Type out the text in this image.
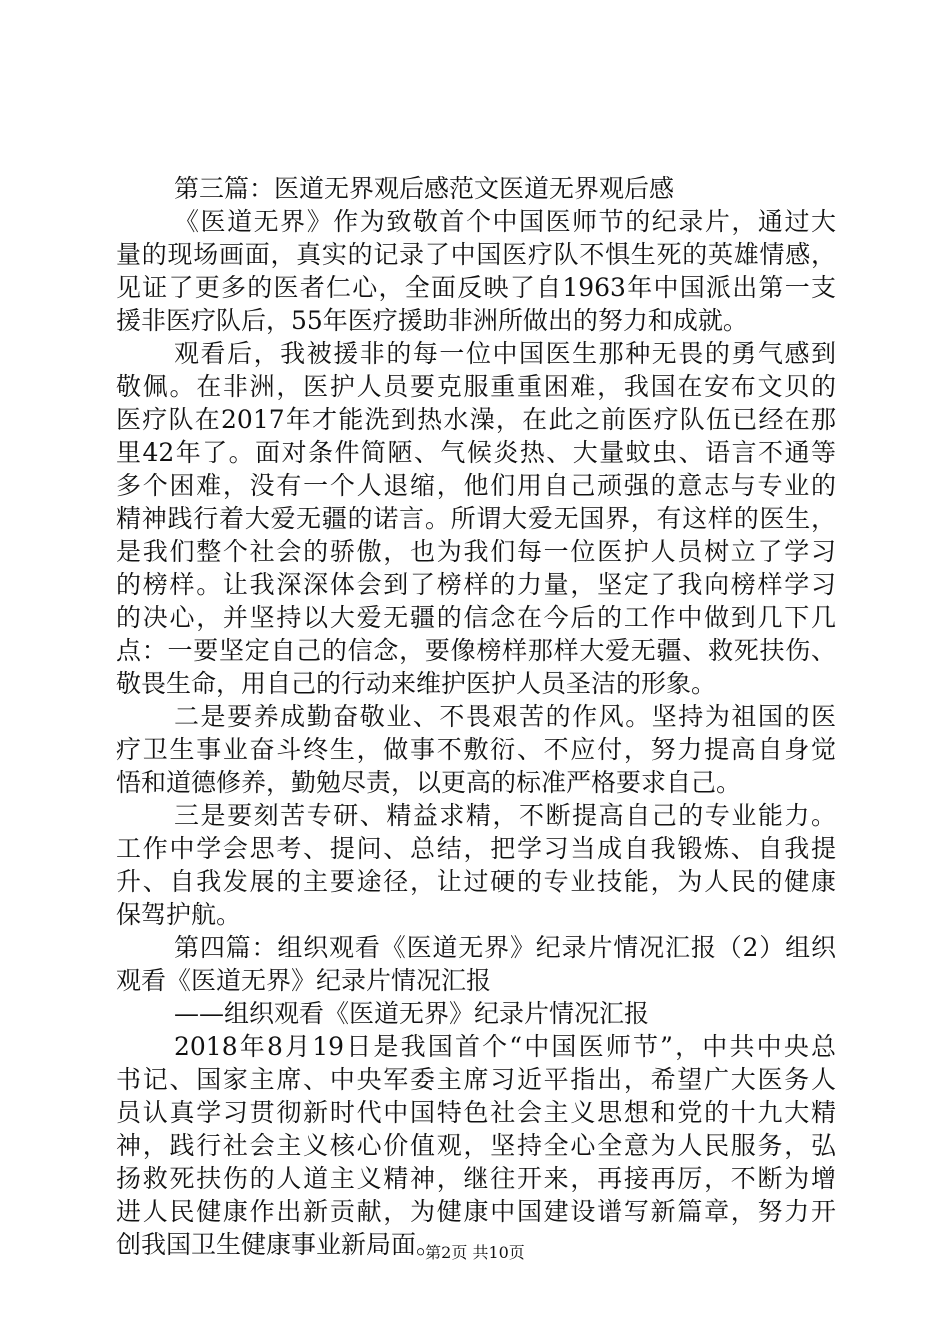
第三篇：医道无界观后感范文医道无界观后感
《医道无界》作为致敬首个中国医师节的纪录片，通过大
量的现场画面，真实的记录了中国医疗队不惧生死的英雄情感，
见证了更多的医者仁心，全面反映了自1963年中国派出第一支
援非医疗队后，55年医疗援助非洲所做出的努力和成就。
观看后，我被援非的每一位中国医生那种无畏的勇气感到
敬佩。在非洲，医护人员要克服重重困难，我国在安布文贝的
医疗队在2017年才能洗到热水澡，在此之前医疗队伍已经在那
里42年了。面对条件简陋、气候炎热、大量蚊虫、语言不通等
多个困难，没有一个人退缩，他们用自己顽强的意志与专业的
精神践行着大爱无疆的诺言。所谓大爱无国界，有这样的医生，
是我们整个社会的骄傲，也为我们每一位医护人员树立了学习
的榜样。让我深深体会到了榜样的力量，坚定了我向榜样学习
的决心，并坚持以大爱无疆的信念在今后的工作中做到几下几
点：一要坚定自己的信念，要像榜样那样大爱无疆、救死扶伤、
敬畏生命，用自己的行动来维护医护人员圣洁的形象。
二是要养成勤奋敬业、不畏艰苦的作风。坚持为祖国的医
疗卫生事业奋斗终生，做事不敷衍、不应付，努力提高自身觉
悟和道德修养，勤勉尽责，以更高的标准严格要求自己。
三是要刻苦专研、精益求精，不断提高自己的专业能力。
工作中学会思考、提问、总结，把学习当成自我锻炼、自我提
升、自我发展的主要途径，让过硬的专业技能，为人民的健康
保驾护航。
第四篇：组织观看《医道无界》纪录片情况汇报（2）组织
观看《医道无界》纪录片情况汇报
——组织观看《医道无界》纪录片情况汇报
2018年8月19日是我国首个“中国医师节”，中共中央总
书记、国家主席、中央军委主席习近平指出，希望广大医务人
员认真学习贯彻新时代中国特色社会主义思想和党的十九大精
神，践行社会主义核心价值观，坚持全心全意为人民服务，弘
扬救死扶伤的人道主义精神，继往开来，再接再厉，不断为增
进人民健康作出新贡献，为健康中国建设谱写新篇章，努力开
创我国卫生健康事业新局面。
第2页 共10页
